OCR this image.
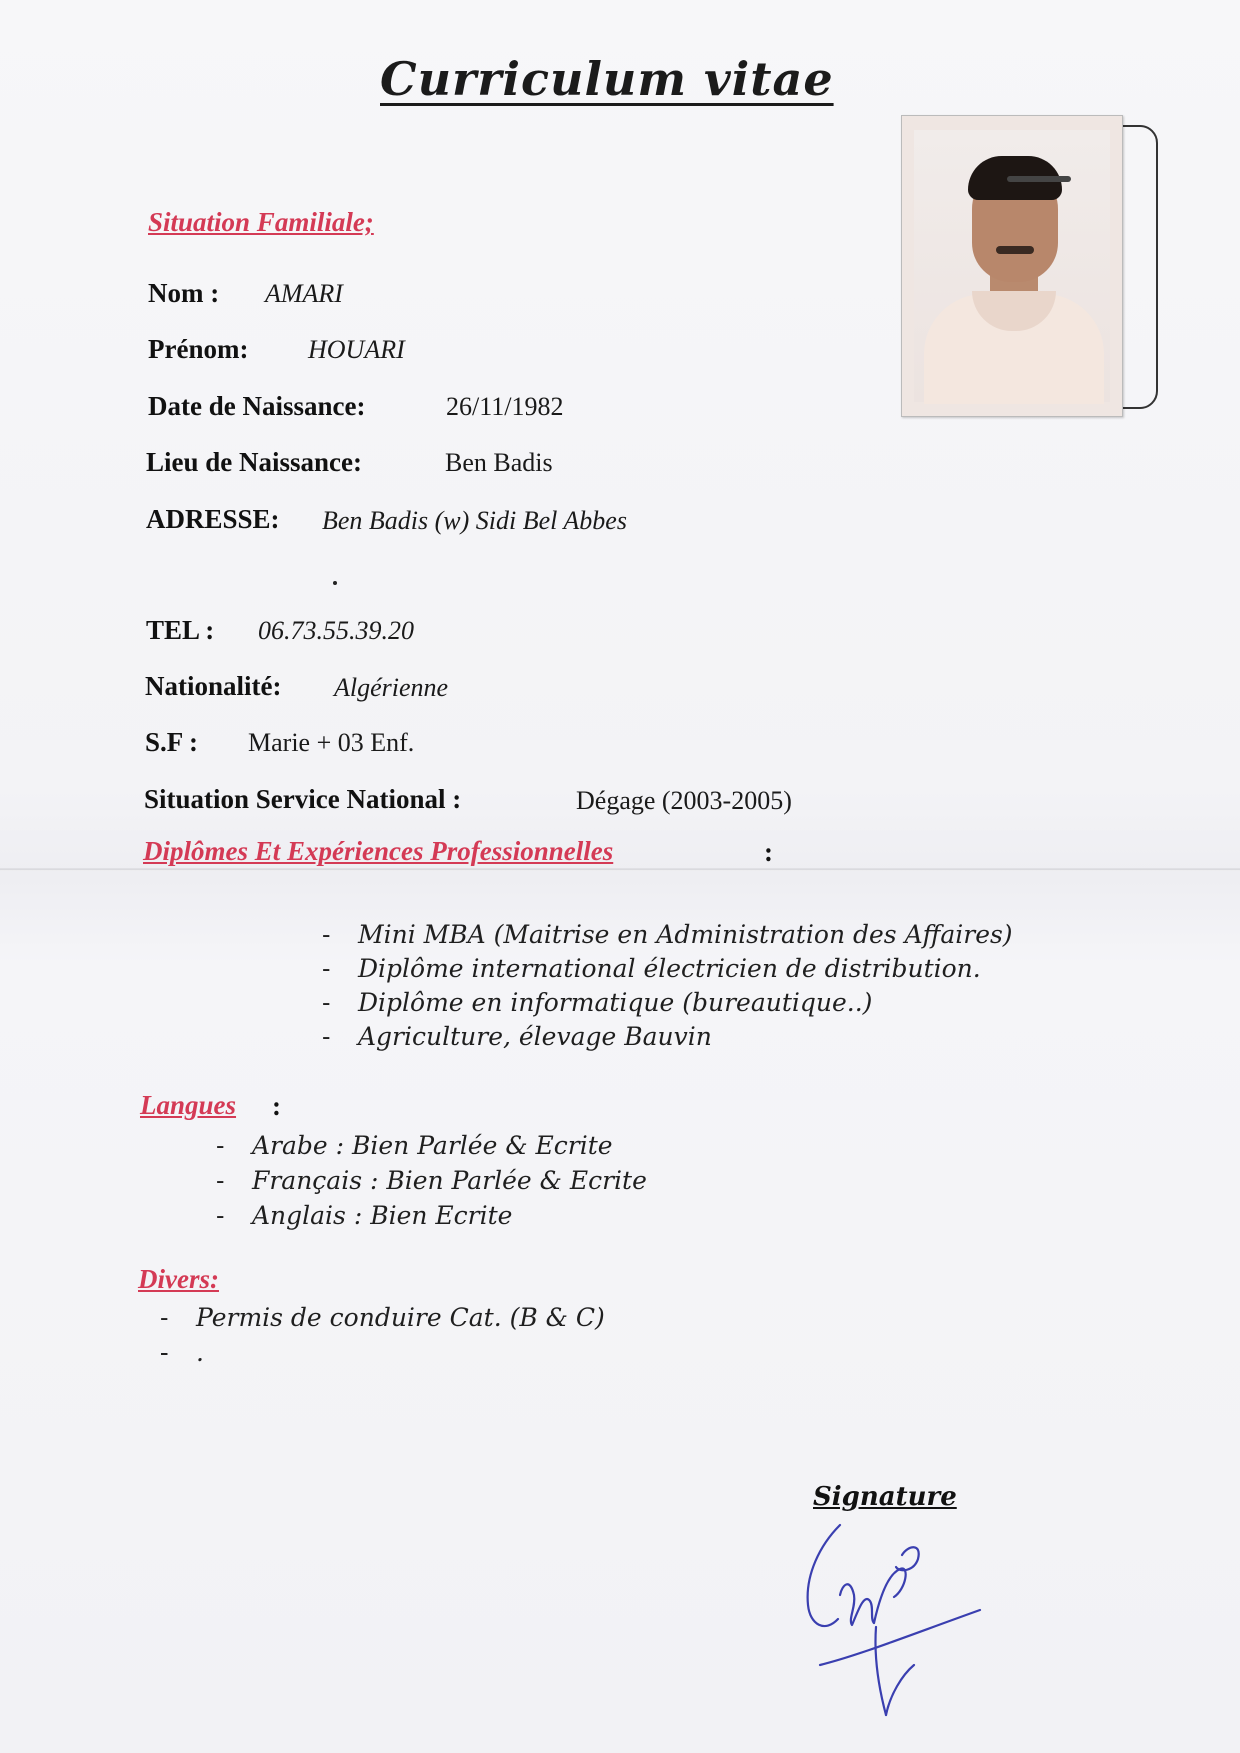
Curriculum vitae
Situation Familiale;
Nom : AMARI
Prénom: HOUARI
Date de Naissance:	26/11/1982
Lieu de Naissance:	Ben Badis
ADRESSE: Ben Badis (w) Sidi Bel Abbes
TEL : 06.73.55.39.20
Nationalité: Algérienne
S.F : Marie + 03 Enf.
Situation Service National :	Dégage (2003-2005)
Diplômes Et Expériences Professionnelles	:
- Mini MBA (Maitrise en Administration des Affaires)
- Diplôme international électricien de distribution.
- Diplôme en informatique (bureautique..)
- Agriculture, élevage Bauvin
Langues :
- Arabe : Bien Parlée & Ecrite
- Français : Bien Parlée & Ecrite
- Anglais : Bien Ecrite
Divers:
- Permis de conduire Cat. (B & C)
- .
Signature
